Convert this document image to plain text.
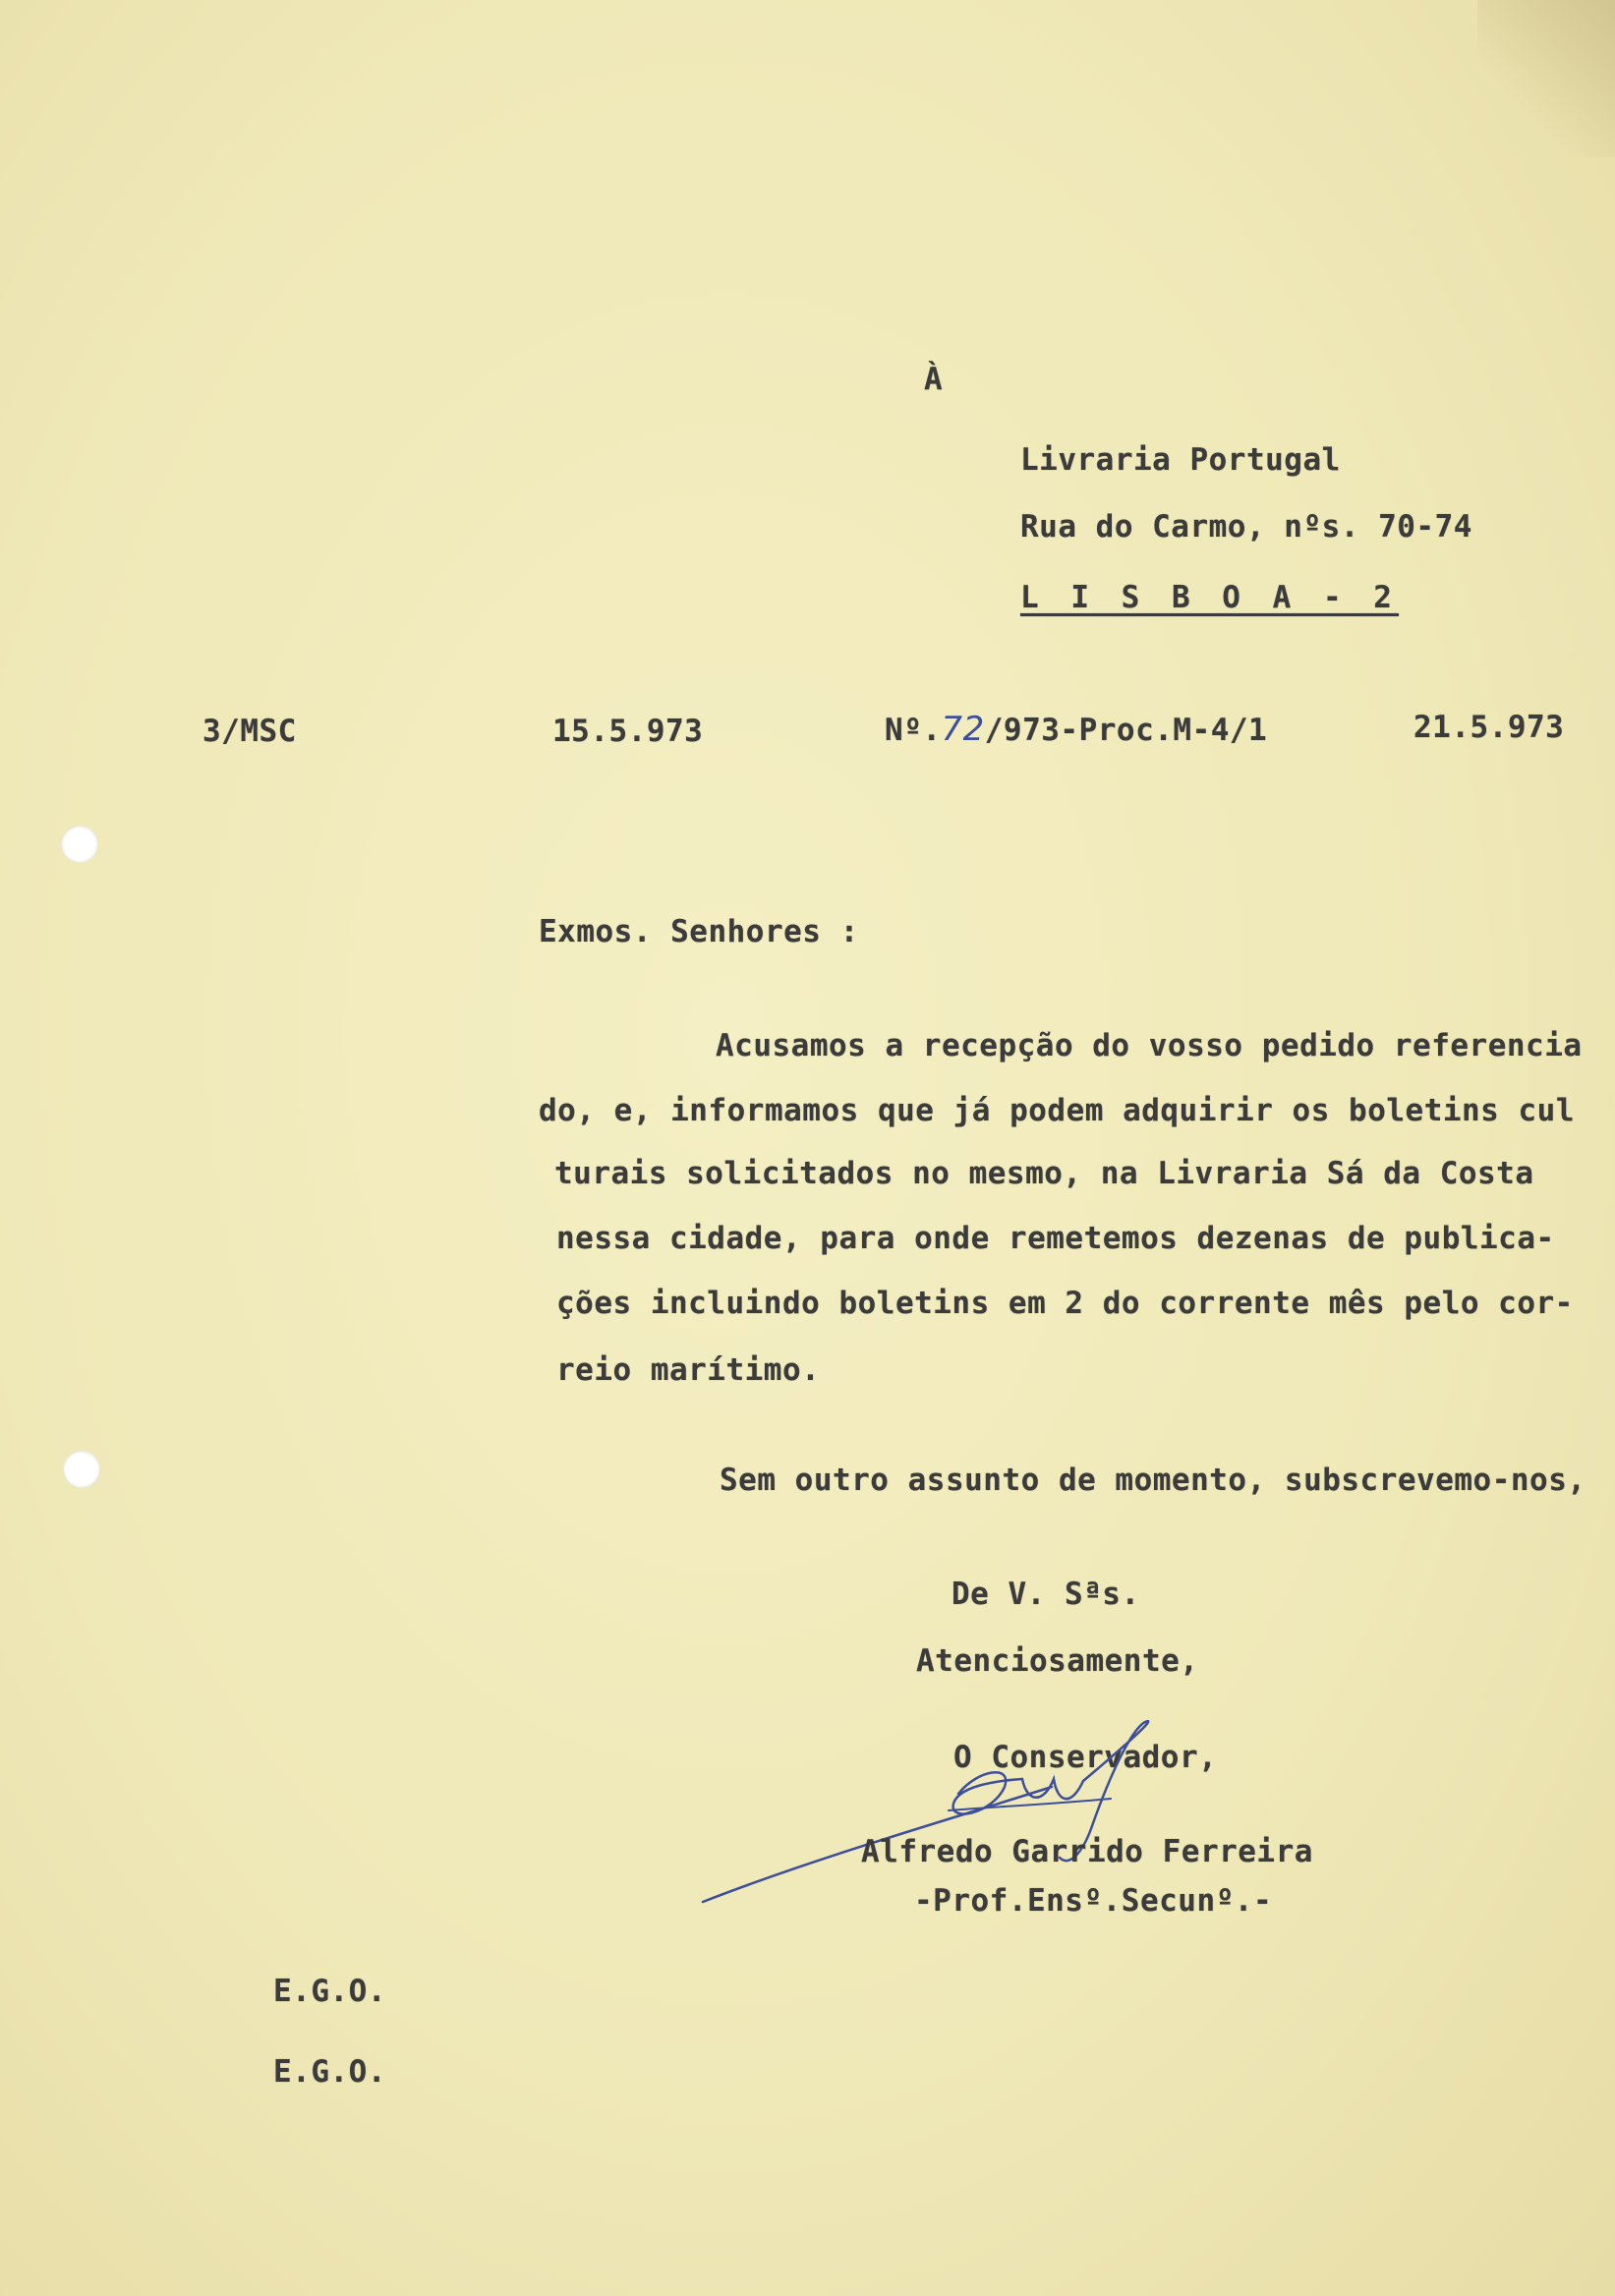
À
Livraria Portugal
Rua do Carmo, nºs. 70-74
L I S B O A - 2
3/MSC	15.5.973	Nº.72/973-Proc.M-4/1	21.5.973
Exmos. Senhores :
Acusamos a recepção do vosso pedido referencia
do, e, informamos que já podem adquirir os boletins cul
turais solicitados no mesmo, na Livraria Sá da Costa
nessa cidade, para onde remetemos dezenas de publica-
ções incluindo boletins em 2 do corrente mês pelo cor-
reio marítimo.
Sem outro assunto de momento, subscrevemo-nos,
De V. Sªs.
Atenciosamente,
O Conservador,
Alfredo Garrido Ferreira
-Prof.Ensº.Secunº.-
E.G.O.
E.G.O.
